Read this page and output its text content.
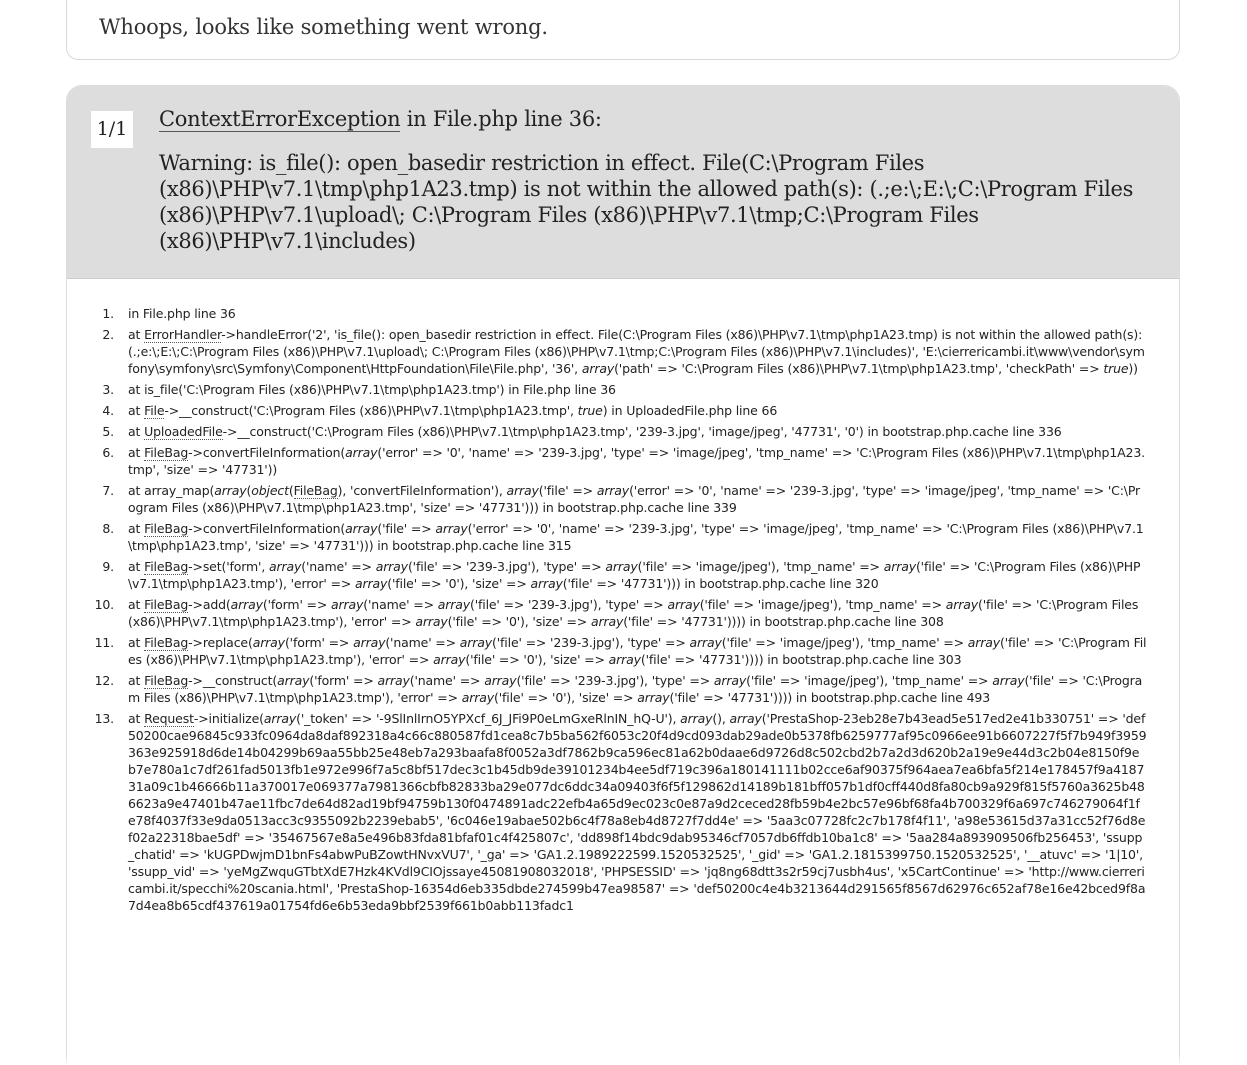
Whoops, looks like something went wrong.
1/1 ContextErrorException in File.php line 36:
Warning: is_file(): open_basedir restriction in effect. File(C:\Program Files (x86)\PHP\v7.1\tmp\php1A23.tmp) is not within the allowed path(s): (.;e:\;E:\;C:\Program Files (x86)\PHP\v7.1\upload\; C:\Program Files (x86)\PHP\v7.1\tmp;C:\Program Files (x86)\PHP\v7.1\includes)
1. in File.php line 36
2. at ErrorHandler->handleError('2', 'is_file(): open_basedir restriction in effect. File(C:\Program Files (x86)\PHP\v7.1\tmp\php1A23.tmp) is not within the allowed path(s): (.;e:\;E:\;C:\Program Files (x86)\PHP\v7.1\upload\; C:\Program Files (x86)\PHP\v7.1\tmp;C:\Program Files (x86)\PHP\v7.1\includes)', 'E:\cierrericambi.it\www\vendor\symfony\symfony\src\Symfony\Component\HttpFoundation\File\File.php', '36', array('path' => 'C:\Program Files (x86)\PHP\v7.1\tmp\php1A23.tmp', 'checkPath' => true))
3. at is_file('C:\Program Files (x86)\PHP\v7.1\tmp\php1A23.tmp') in File.php line 36
4. at File->__construct('C:\Program Files (x86)\PHP\v7.1\tmp\php1A23.tmp', true) in UploadedFile.php line 66
5. at UploadedFile->__construct('C:\Program Files (x86)\PHP\v7.1\tmp\php1A23.tmp', '239-3.jpg', 'image/jpeg', '47731', '0') in bootstrap.php.cache line 336
6. at FileBag->convertFileInformation(array('error' => '0', 'name' => '239-3.jpg', 'type' => 'image/jpeg', 'tmp_name' => 'C:\Program Files (x86)\PHP\v7.1\tmp\php1A23.tmp', 'size' => '47731'))
7. at array_map(array(object(FileBag), 'convertFileInformation'), array('file' => array('error' => '0', 'name' => '239-3.jpg', 'type' => 'image/jpeg', 'tmp_name' => 'C:\Program Files (x86)\PHP\v7.1\tmp\php1A23.tmp', 'size' => '47731'))) in bootstrap.php.cache line 339
8. at FileBag->convertFileInformation(array('file' => array('error' => '0', 'name' => '239-3.jpg', 'type' => 'image/jpeg', 'tmp_name' => 'C:\Program Files (x86)\PHP\v7.1\tmp\php1A23.tmp', 'size' => '47731'))) in bootstrap.php.cache line 315
9. at FileBag->set('form', array('name' => array('file' => '239-3.jpg'), 'type' => array('file' => 'image/jpeg'), 'tmp_name' => array('file' => 'C:\Program Files (x86)\PHP\v7.1\tmp\php1A23.tmp'), 'error' => array('file' => '0'), 'size' => array('file' => '47731'))) in bootstrap.php.cache line 320
10. at FileBag->add(array('form' => array('name' => array('file' => '239-3.jpg'), 'type' => array('file' => 'image/jpeg'), 'tmp_name' => array('file' => 'C:\Program Files (x86)\PHP\v7.1\tmp\php1A23.tmp'), 'error' => array('file' => '0'), 'size' => array('file' => '47731')))) in bootstrap.php.cache line 308
11. at FileBag->replace(array('form' => array('name' => array('file' => '239-3.jpg'), 'type' => array('file' => 'image/jpeg'), 'tmp_name' => array('file' => 'C:\Program Files (x86)\PHP\v7.1\tmp\php1A23.tmp'), 'error' => array('file' => '0'), 'size' => array('file' => '47731')))) in bootstrap.php.cache line 303
12. at FileBag->__construct(array('form' => array('name' => array('file' => '239-3.jpg'), 'type' => array('file' => 'image/jpeg'), 'tmp_name' => array('file' => 'C:\Program Files (x86)\PHP\v7.1\tmp\php1A23.tmp'), 'error' => array('file' => '0'), 'size' => array('file' => '47731')))) in bootstrap.php.cache line 493
13. at Request->initialize(array('_token' => '-9SlInlIrnO5YPXcf_6J_JFi9P0eLmGxeRlnIN_hQ-U'), array(), array('PrestaShop-23eb28e7b43ead5e517ed2e41b330751' => 'def50200cae96845c933fc0964da8daf892318a4c66c880587fd1cea8c7b5ba562f6053c20f4d9cd093dab29ade0b5378fb6259777af95c0966ee91b6607227f5f7b949f3959363e925918d6de14b04299b69aa55bb25e48eb7a293baafa8f0052a3df7862b9ca596ec81a62b0daae6d9726d8c502cbd2b7a2d3d620b2a19e9e44d3c2b04e8150f9eb7e780a1c7df261fad5013fb1e972e996f7a5c8bf517dec3c1b45db9de39101234b4ee5df719c396a180141111b02cce6af90375f964aea7ea6bfa5f214e178457f9a418731a09c1b46666b11a370017e069377a7981366cbfb82833ba29e077dc6ddc34a09403f6f5f129862d14189b181bff057b1df0cff440d8fa80cb9a929f815f5760a3625b486623a9e47401b47ae11fbc7de64d82ad19bf94759b130f0474891adc22efb4a65d9ec023c0e87a9d2ceced28fb59b4e2bc57e96bf68fa4b700329f6a697c746279064f1fe78f4037f33e9da0513acc3c9355092b2239ebab5', '6c046e19abae502b6c4f78a8eb4d8727f7dd4e' => '5aa3c07728fc2c7b178f4f11', 'a98e53615d37a31cc52f76d8ef02a22318bae5df' => '35467567e8a5e496b83fda81bfaf01c4f425807c', 'dd898f14bdc9dab95346cf7057db6ffdb10ba1c8' => '5aa284a893909506fb256453', 'ssupp_chatid' => 'kUGPDwjmD1bnFs4abwPuBZowtHNvxVU7', '_ga' => 'GA1.2.1989222599.1520532525', '_gid' => 'GA1.2.1815399750.1520532525', '__atuvc' => '1|10', 'ssupp_vid' => 'yeMgZwquGTbtXdE7Hzk4KVdl9CIOjssaye45081908032018', 'PHPSESSID' => 'jq8ng68dtt3s2r59cj7usbh4us', 'x5CartContinue' => 'http://www.cierrericambi.it/specchi%20scania.html', 'PrestaShop-16354d6eb335dbde274599b47ea98587' => 'def50200c4e4b3213644d291565f8567d62976c652af78e16e42bced9f8a7d4ea8b65cdf437619a01754fd6e6b53eda9bbf2539f661b0abb113fadc1
